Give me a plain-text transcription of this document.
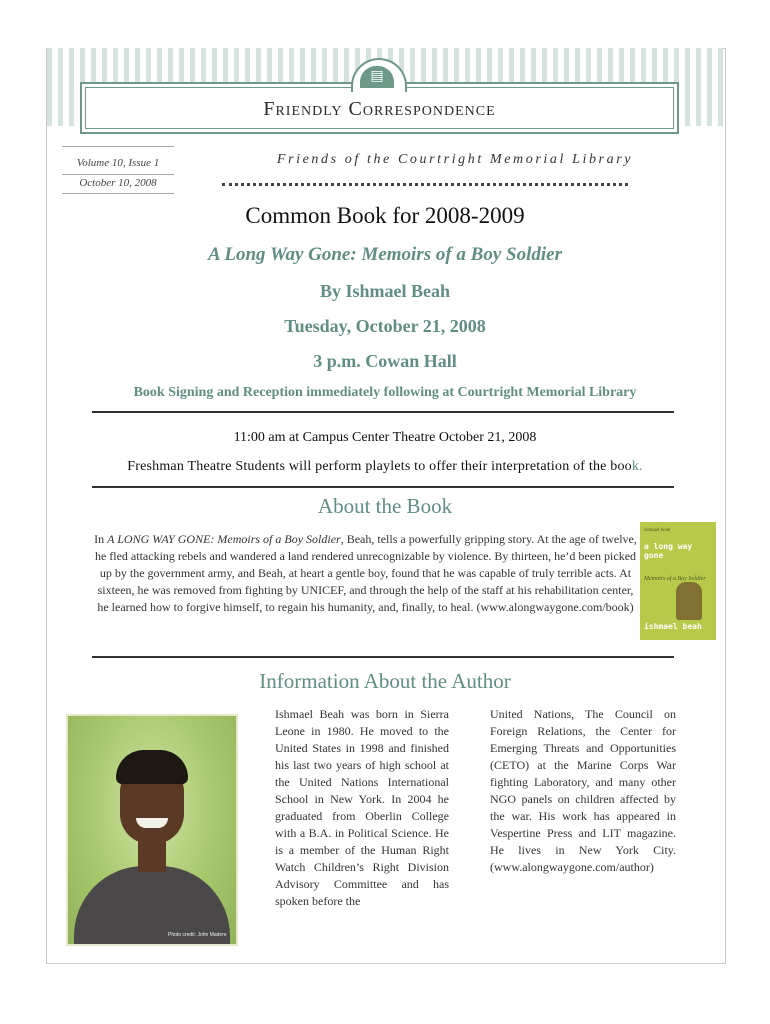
Friendly Correspondence
▤
Volume 10, Issue 1
October 10, 2008
Friends of the Courtright Memorial Library
Common Book for 2008-2009
A Long Way Gone: Memoirs of a Boy Soldier
By Ishmael Beah
Tuesday, October 21, 2008
3 p.m. Cowan Hall
Book Signing and Reception immediately following at Courtright Memorial Library
11:00 am at Campus Center Theatre October 21, 2008
Freshman Theatre Students will perform playlets to offer their interpretation of the book.
About the Book
In A LONG WAY GONE: Memoirs of a Boy Soldier, Beah, tells a powerfully gripping story. At the age of twelve, he fled attacking rebels and wandered a land rendered unrecognizable by violence. By thirteen, he’d been picked up by the government army, and Beah, at heart a gentle boy, found that he was capable of truly terrible acts. At sixteen, he was removed from fighting by UNICEF, and through the help of the staff at his rehabilitation center, he learned how to forgive himself, to regain his humanity, and, finally, to heal. (www.alongwaygone.com/book)
ishmael beah
a long way gone
Memoirs of a Boy Soldier
ishmael beah
Information About the Author
Photo credit: John Madere
Ishmael Beah was born in Sierra Leone in 1980. He moved to the United States in 1998 and finished his last two years of high school at the United Nations International School in New York. In 2004 he graduated from Oberlin College with a B.A. in Political Science. He is a member of the Human Right Watch Children’s Right Division Advisory Committee and has spoken before the
United Nations, The Council on Foreign Relations, the Center for Emerging Threats and Opportunities (CETO) at the Marine Corps War fighting Laboratory, and many other NGO panels on children affected by the war. His work has appeared in Vespertine Press and LIT magazine. He lives in New York City. (www.alongwaygone.com/author)
